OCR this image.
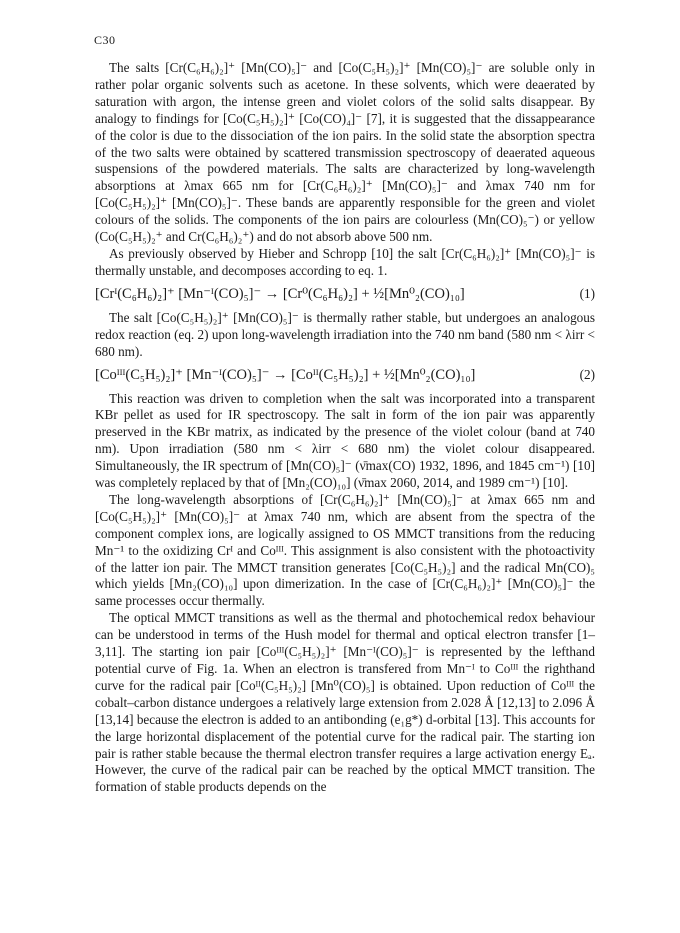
C30

The salts [Cr(C₆H₆)₂]⁺ [Mn(CO)₅]⁻ and [Co(C₅H₅)₂]⁺ [Mn(CO)₅]⁻ are soluble only in rather polar organic solvents such as acetone. In these solvents, which were deaerated by saturation with argon, the intense green and violet colors of the solid salts disappear. By analogy to findings for [Co(C₅H₅)₂]⁺ [Co(CO)₄]⁻ [7], it is suggested that the dissappearance of the color is due to the dissociation of the ion pairs. In the solid state the absorption spectra of the two salts were obtained by scattered transmission spectroscopy of deaerated aqueous suspensions of the powdered materials. The salts are characterized by long-wavelength absorptions at λmax 665 nm for [Cr(C₆H₆)₂]⁺ [Mn(CO)₅]⁻ and λmax 740 nm for [Co(C₅H₅)₂]⁺ [Mn(CO)₅]⁻. These bands are apparently responsible for the green and violet colours of the solids. The components of the ion pairs are colourless (Mn(CO)₅⁻) or yellow (Co(C₅H₅)₂⁺ and Cr(C₆H₆)₂⁺) and do not absorb above 500 nm.

As previously observed by Hieber and Schropp [10] the salt [Cr(C₆H₆)₂]⁺ [Mn(CO)₅]⁻ is thermally unstable, and decomposes according to eq. 1.

[Crᴵ(C₆H₆)₂]⁺ [Mn⁻ᴵ(CO)₅]⁻ → [Cr⁰(C₆H₆)₂] + ½[Mn⁰₂(CO)₁₀]	(1)

The salt [Co(C₅H₅)₂]⁺ [Mn(CO)₅]⁻ is thermally rather stable, but undergoes an analogous redox reaction (eq. 2) upon long-wavelength irradiation into the 740 nm band (580 nm < λirr < 680 nm).

[Coᴵᴵᴵ(C₅H₅)₂]⁺ [Mn⁻ᴵ(CO)₅]⁻ → [Coᴵᴵ(C₅H₅)₂] + ½[Mn⁰₂(CO)₁₀]	(2)

This reaction was driven to completion when the salt was incorporated into a transparent KBr pellet as used for IR spectroscopy. The salt in form of the ion pair was apparently preserved in the KBr matrix, as indicated by the presence of the violet colour (band at 740 nm). Upon irradiation (580 nm < λirr < 680 nm) the violet colour disappeared. Simultaneously, the IR spectrum of [Mn(CO)₅]⁻ (ν̄max(CO) 1932, 1896, and 1845 cm⁻¹) [10] was completely replaced by that of [Mn₂(CO)₁₀] (ν̄max 2060, 2014, and 1989 cm⁻¹) [10].

The long-wavelength absorptions of [Cr(C₆H₆)₂]⁺ [Mn(CO)₅]⁻ at λmax 665 nm and [Co(C₅H₅)₂]⁺ [Mn(CO)₅]⁻ at λmax 740 nm, which are absent from the spectra of the component complex ions, are logically assigned to OS MMCT transitions from the reducing Mn⁻¹ to the oxidizing Crᴵ and Coᴵᴵᴵ. This assignment is also consistent with the photoactivity of the latter ion pair. The MMCT transition generates [Co(C₅H₅)₂] and the radical Mn(CO)₅ which yields [Mn₂(CO)₁₀] upon dimerization. In the case of [Cr(C₆H₆)₂]⁺ [Mn(CO)₅]⁻ the same processes occur thermally.

The optical MMCT transitions as well as the thermal and photochemical redox behaviour can be understood in terms of the Hush model for thermal and optical electron transfer [1–3,11]. The starting ion pair [Coᴵᴵᴵ(C₅H₅)₂]⁺ [Mn⁻ᴵ(CO)₅]⁻ is represented by the lefthand potential curve of Fig. 1a. When an electron is transfered from Mn⁻ᴵ to Coᴵᴵᴵ the righthand curve for the radical pair [Coᴵᴵ(C₅H₅)₂] [Mn⁰(CO)₅] is obtained. Upon reduction of Coᴵᴵᴵ the cobalt–carbon distance undergoes a relatively large extension from 2.028 Å [12,13] to 2.096 Å [13,14] because the electron is added to an antibonding (e₁g*) d-orbital [13]. This accounts for the large horizontal displacement of the potential curve for the radical pair. The starting ion pair is rather stable because the thermal electron transfer requires a large activation energy Eₐ. However, the curve of the radical pair can be reached by the optical MMCT transition. The formation of stable products depends on the
